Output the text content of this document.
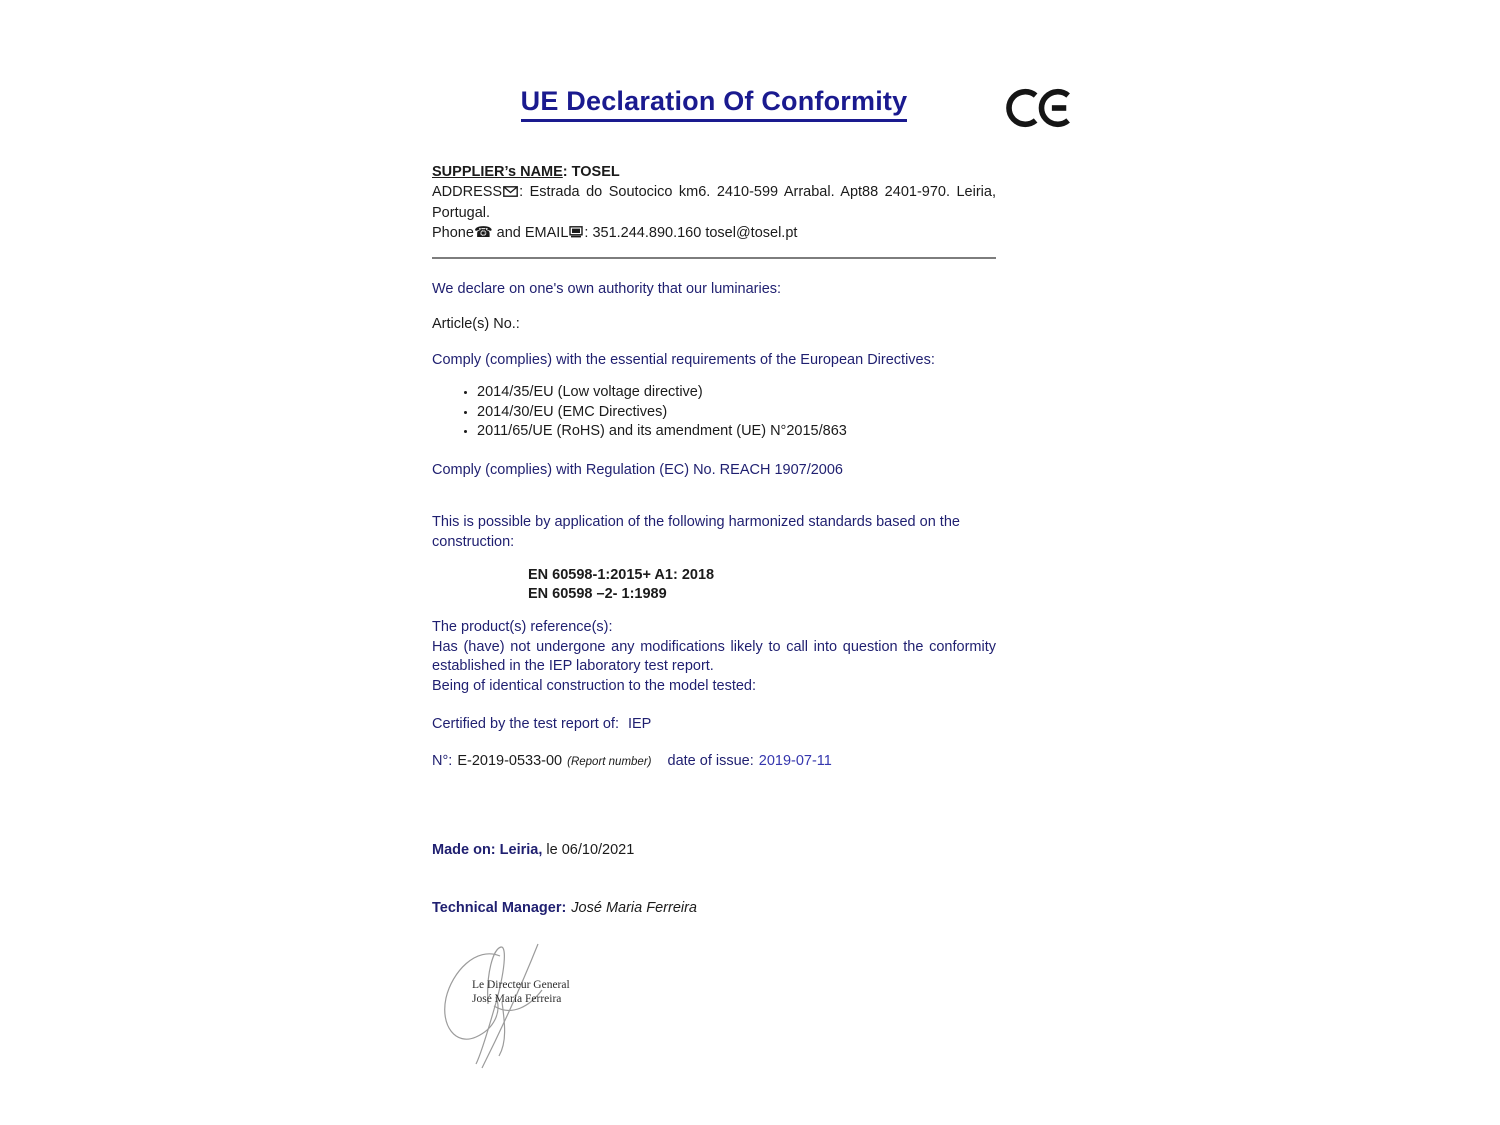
UE Declaration Of Conformity
SUPPLIER’s NAME: TOSEL
ADDRESS : Estrada do Soutocico km6. 2410-599 Arrabal. Apt88 2401-970. Leiria,
Portugal.
Phone☎ and EMAIL : 351.244.890.160 tosel@tosel.pt
We declare on one's own authority that our luminaries:
Article(s) No.:
Comply (complies) with the essential requirements of the European Directives:
• 2014/35/EU (Low voltage directive)
• 2014/30/EU (EMC Directives)
• 2011/65/UE (RoHS) and its amendment (UE) N°2015/863
Comply (complies) with Regulation (EC) No. REACH 1907/2006
This is possible by application of the following harmonized standards based on the
construction:
EN 60598-1:2015+ A1: 2018
EN 60598 –2- 1:1989
The product(s) reference(s):
Has (have) not undergone any modifications likely to call into question the conformity
established in the IEP laboratory test report.
Being of identical construction to the model tested:
Certified by the test report of: IEP
N°: E-2019-0533-00 (Report number) date of issue: 2019-07-11
Made on: Leiria, le 06/10/2021
Technical Manager: José Maria Ferreira
Le Directeur General
José Maria Ferreira
